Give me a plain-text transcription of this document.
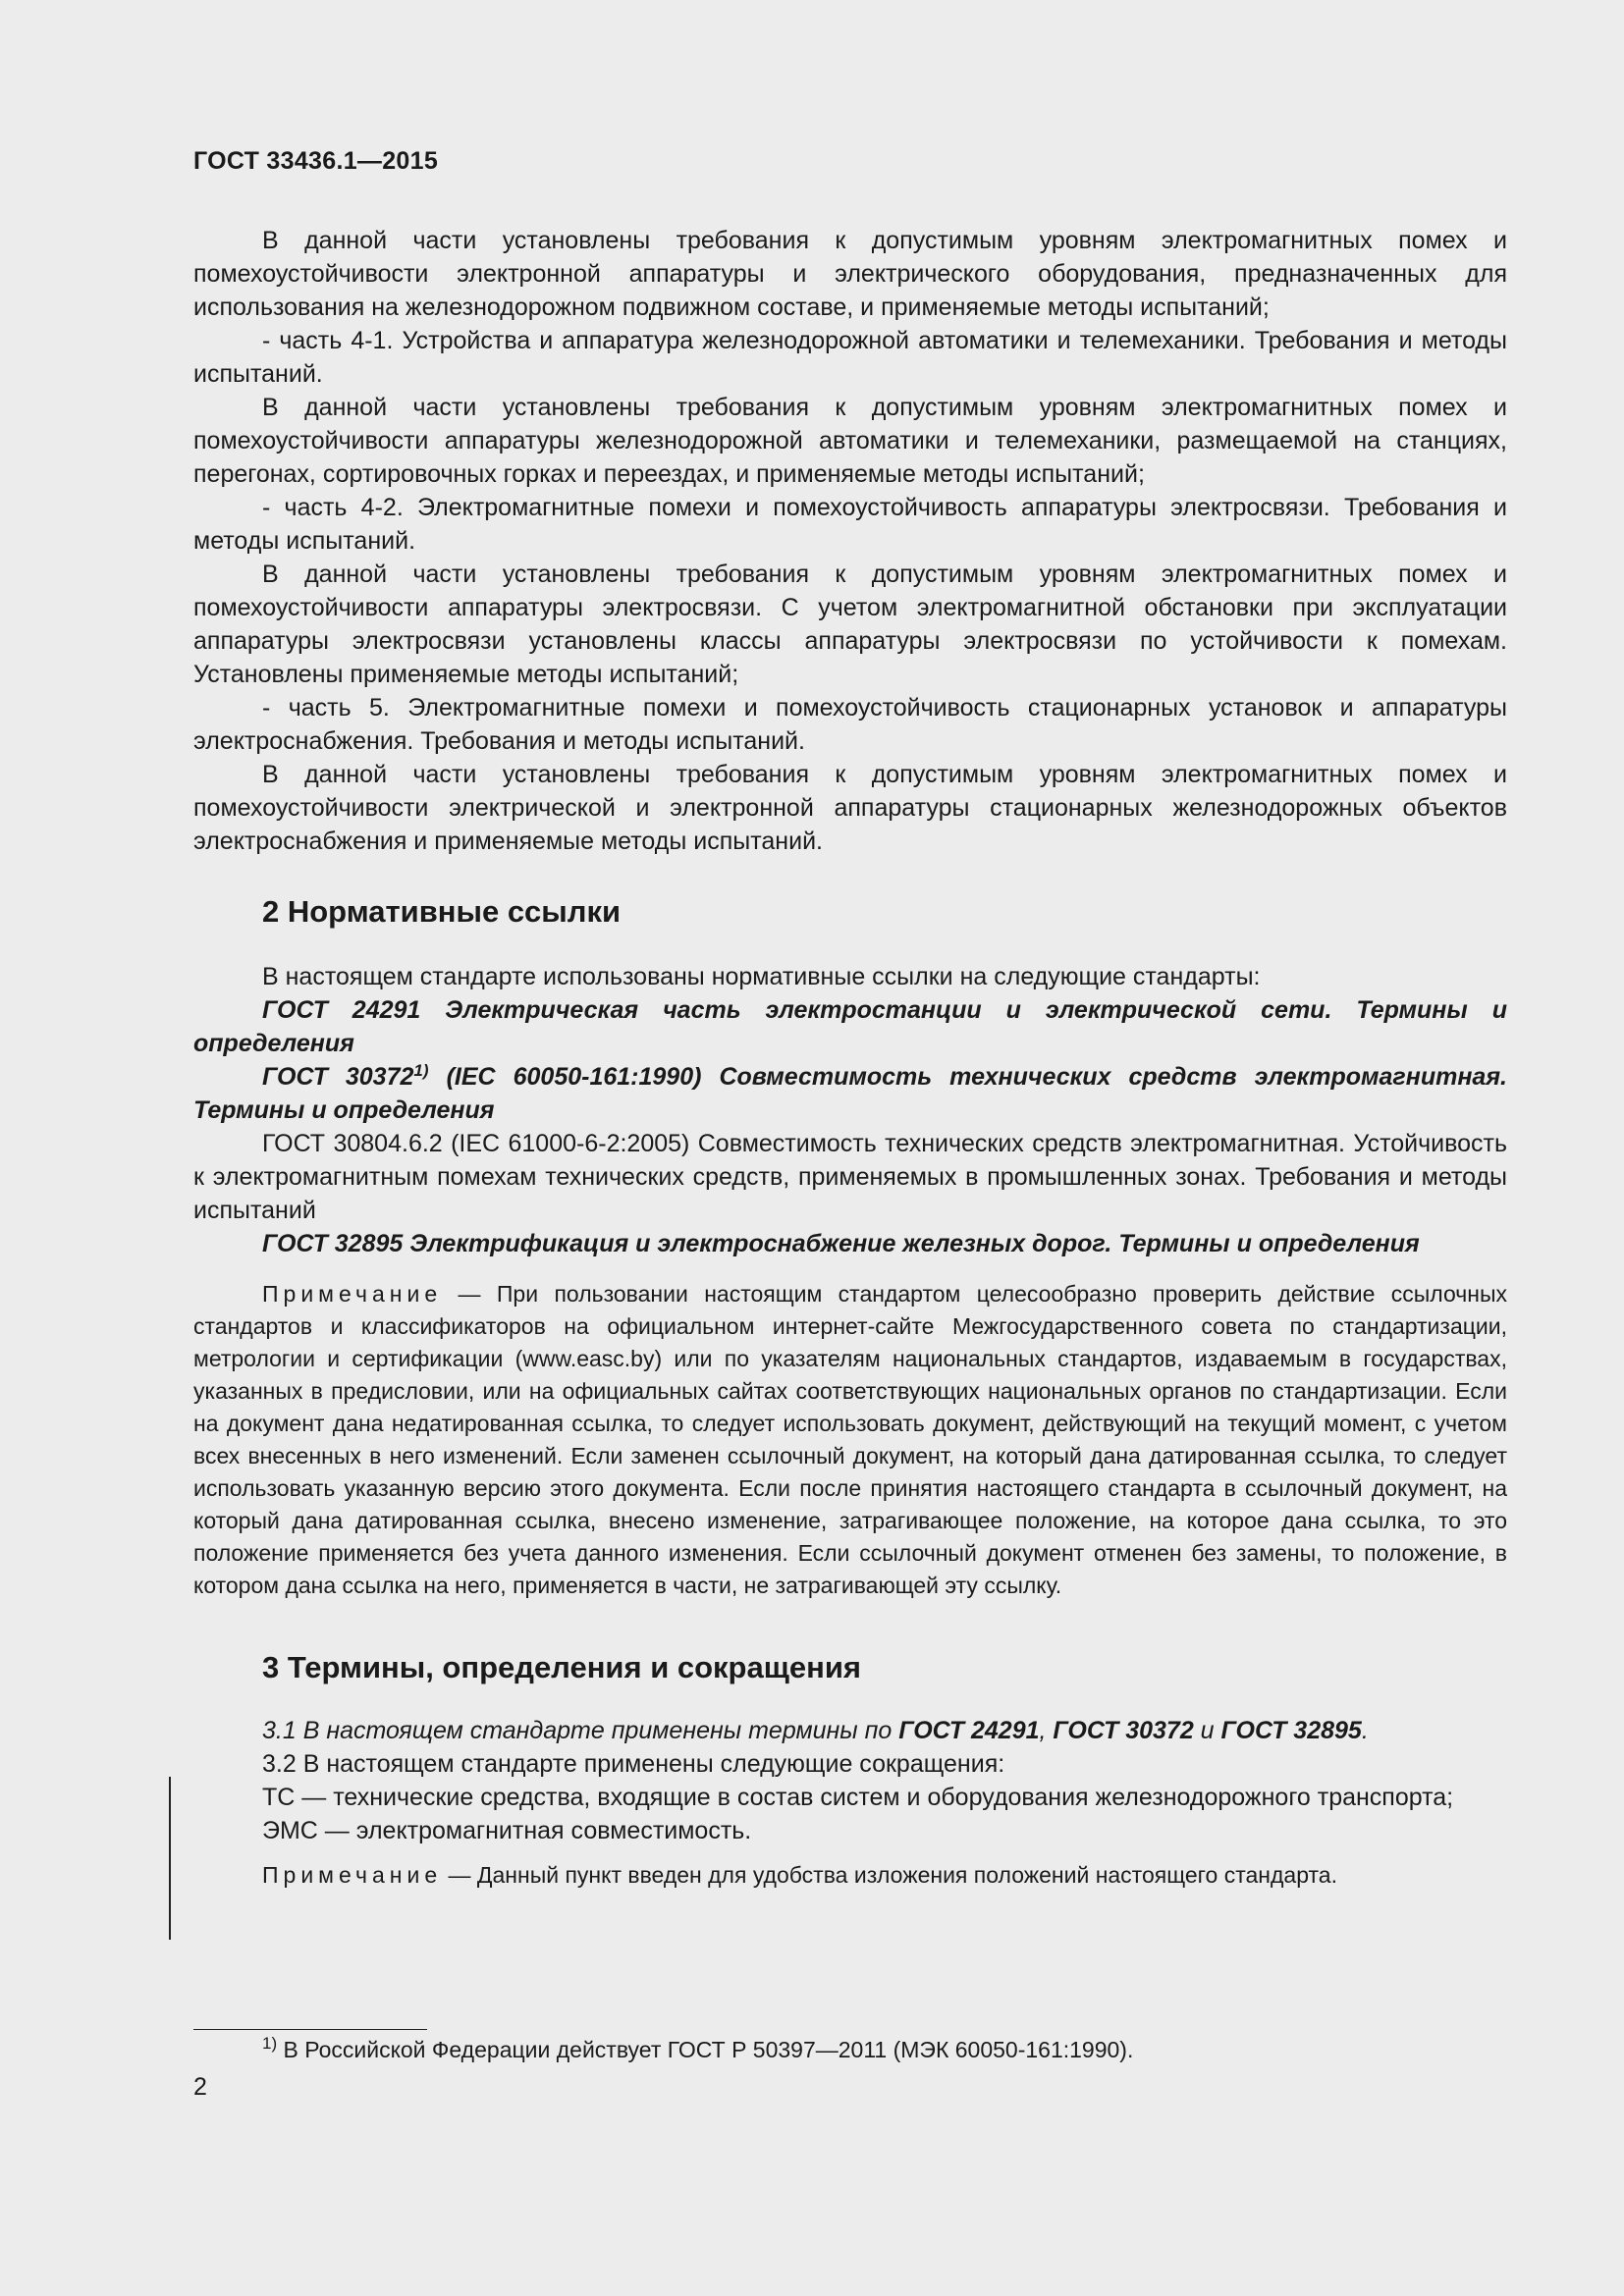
ГОСТ 33436.1—2015

В данной части установлены требования к допустимым уровням электромагнитных помех и помехоустойчивости электронной аппаратуры и электрического оборудования, предназначенных для использования на железнодорожном подвижном составе, и применяемые методы испытаний;

- часть 4-1. Устройства и аппаратура железнодорожной автоматики и телемеханики. Требования и методы испытаний.

В данной части установлены требования к допустимым уровням электромагнитных помех и помехоустойчивости аппаратуры железнодорожной автоматики и телемеханики, размещаемой на станциях, перегонах, сортировочных горках и переездах, и применяемые методы испытаний;

- часть 4-2. Электромагнитные помехи и помехоустойчивость аппаратуры электросвязи. Требования и методы испытаний.

В данной части установлены требования к допустимым уровням электромагнитных помех и помехоустойчивости аппаратуры электросвязи. С учетом электромагнитной обстановки при эксплуатации аппаратуры электросвязи установлены классы аппаратуры электросвязи по устойчивости к помехам. Установлены применяемые методы испытаний;

- часть 5. Электромагнитные помехи и помехоустойчивость стационарных установок и аппаратуры электроснабжения. Требования и методы испытаний.

В данной части установлены требования к допустимым уровням электромагнитных помех и помехоустойчивости электрической и электронной аппаратуры стационарных железнодорожных объектов электроснабжения и применяемые методы испытаний.

2 Нормативные ссылки

В настоящем стандарте использованы нормативные ссылки на следующие стандарты:

ГОСТ 24291 Электрическая часть электростанции и электрической сети. Термины и определения

ГОСТ 30372$^{1)}$ (IEC 60050-161:1990) Совместимость технических средств электромагнитная. Термины и определения

ГОСТ 30804.6.2 (IEC 61000-6-2:2005) Совместимость технических средств электромагнитная. Устойчивость к электромагнитным помехам технических средств, применяемых в промышленных зонах. Требования и методы испытаний

ГОСТ 32895 Электрификация и электроснабжение железных дорог. Термины и определения

Примечание — При пользовании настоящим стандартом целесообразно проверить действие ссылочных стандартов и классификаторов на официальном интернет-сайте Межгосударственного совета по стандартизации, метрологии и сертификации (www.easc.by) или по указателям национальных стандартов, издаваемым в государствах, указанных в предисловии, или на официальных сайтах соответствующих национальных органов по стандартизации. Если на документ дана недатированная ссылка, то следует использовать документ, действующий на текущий момент, с учетом всех внесенных в него изменений. Если заменен ссылочный документ, на который дана датированная ссылка, то следует использовать указанную версию этого документа. Если после принятия настоящего стандарта в ссылочный документ, на который дана датированная ссылка, внесено изменение, затрагивающее положение, на которое дана ссылка, то это положение применяется без учета данного изменения. Если ссылочный документ отменен без замены, то положение, в котором дана ссылка на него, применяется в части, не затрагивающей эту ссылку.

3 Термины, определения и сокращения

3.1 В настоящем стандарте применены термины по ГОСТ 24291, ГОСТ 30372 и ГОСТ 32895.

3.2 В настоящем стандарте применены следующие сокращения:

ТС — технические средства, входящие в состав систем и оборудования железнодорожного транспорта;

ЭМС — электромагнитная совместимость.

Примечание — Данный пункт введен для удобства изложения положений настоящего стандарта.

$^{1)}$ В Российской Федерации действует ГОСТ Р 50397—2011 (МЭК 60050-161:1990).
2
